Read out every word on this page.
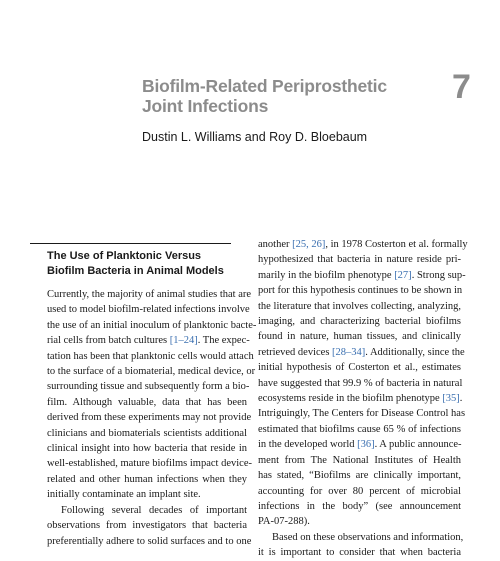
Biofilm-Related Periprosthetic
Joint Infections	7
Dustin L. Williams and Roy D. Bloebaum
The Use of Planktonic Versus
Biofilm Bacteria in Animal Models
Currently, the majority of animal studies that are
used to model biofilm-related infections involve
the use of an initial inoculum of planktonic bacte-
rial cells from batch cultures [1–24]. The expec-
tation has been that planktonic cells would attach
to the surface of a biomaterial, medical device, or
surrounding tissue and subsequently form a bio-
film. Although valuable, data that has been
derived from these experiments may not provide
clinicians and biomaterials scientists additional
clinical insight into how bacteria that reside in
well-established, mature biofilms impact device-
related and other human infections when they
initially contaminate an implant site.
Following several decades of important
observations from investigators that bacteria
preferentially adhere to solid surfaces and to one
another [25, 26], in 1978 Costerton et al. formally
hypothesized that bacteria in nature reside pri-
marily in the biofilm phenotype [27]. Strong sup-
port for this hypothesis continues to be shown in
the literature that involves collecting, analyzing,
imaging, and characterizing bacterial biofilms
found in nature, human tissues, and clinically
retrieved devices [28–34]. Additionally, since the
initial hypothesis of Costerton et al., estimates
have suggested that 99.9 % of bacteria in natural
ecosystems reside in the biofilm phenotype [35].
Intriguingly, The Centers for Disease Control has
estimated that biofilms cause 65 % of infections
in the developed world [36]. A public announce-
ment from The National Institutes of Health
has stated, “Biofilms are clinically important,
accounting for over 80 percent of microbial
infections in the body” (see announcement
PA-07-288).
Based on these observations and information,
it is important to consider that when bacteria
